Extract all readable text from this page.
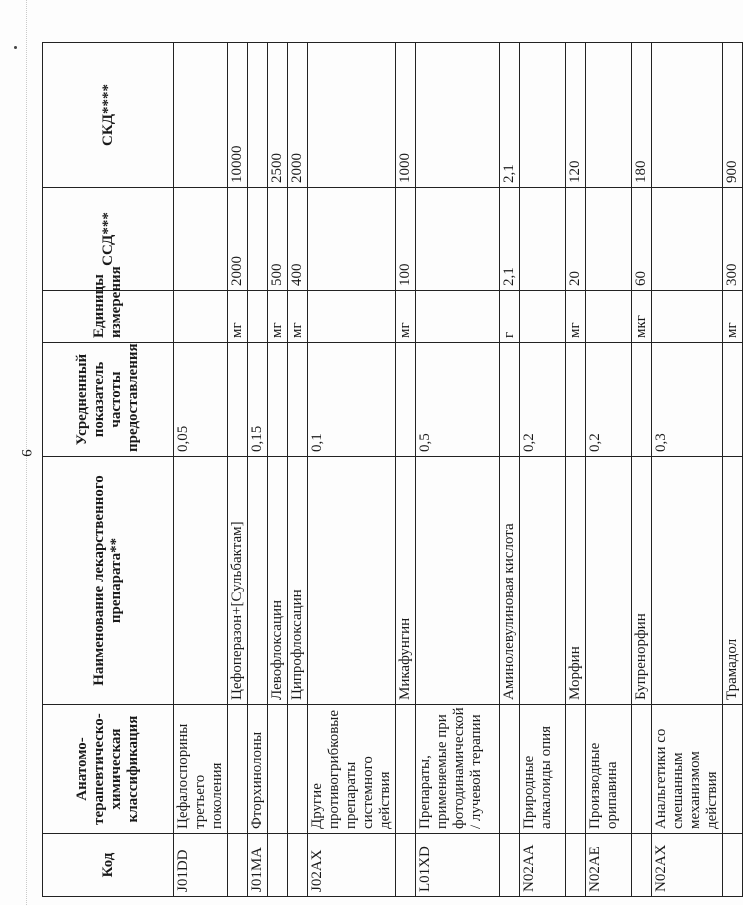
9
Код	Анатомо-терапевтическо-химическая классификация	Наименование лекарственного препарата**	Усредненный показатель частоты предоставления	Единицы измерения	ССД***	СКД****
J01DD	Цефалоспорины третьего поколения		0,05			
		Цефоперазон+[Сульбактам]		мг	2000	10000
J01MA	Фторхинолоны		0,15			
		Левофлоксацин		мг	500	2500
		Ципрофлоксацин		мг	400	2000
J02AX	Другие противогрибковые препараты системного действия		0,1			
		Микафунгин		мг	100	1000
L01XD	Препараты, применяемые при фотодинамической / лучевой терапии		0,5			
		Аминолевулиновая кислота		г	2,1	2,1
N02AA	Природные алкалоиды опия		0,2			
		Морфин		мг	20	120
N02AE	Производные орипавина		0,2			
		Бупренорфин		мкг	60	180
N02AX	Анальгетики со смешанным механизмом действия		0,3			
		Трамадол		мг	300	900
